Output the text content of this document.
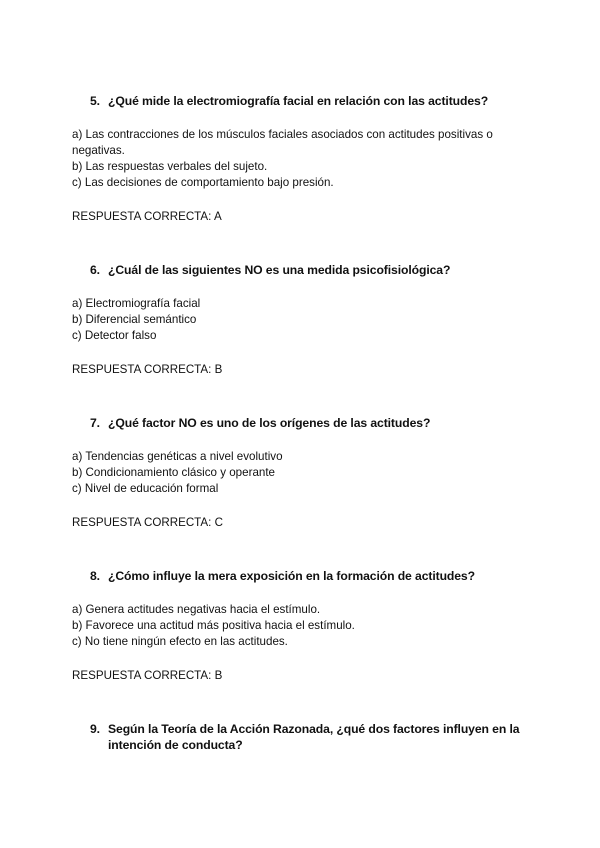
5. ¿Qué mide la electromiografía facial en relación con las actitudes?
a) Las contracciones de los músculos faciales asociados con actitudes positivas o negativas.
b) Las respuestas verbales del sujeto.
c) Las decisiones de comportamiento bajo presión.
RESPUESTA CORRECTA: A
6. ¿Cuál de las siguientes NO es una medida psicofisiológica?
a) Electromiografía facial
b) Diferencial semántico
c) Detector falso
RESPUESTA CORRECTA: B
7. ¿Qué factor NO es uno de los orígenes de las actitudes?
a) Tendencias genéticas a nivel evolutivo
b) Condicionamiento clásico y operante
c) Nivel de educación formal
RESPUESTA CORRECTA: C
8. ¿Cómo influye la mera exposición en la formación de actitudes?
a) Genera actitudes negativas hacia el estímulo.
b) Favorece una actitud más positiva hacia el estímulo.
c) No tiene ningún efecto en las actitudes.
RESPUESTA CORRECTA: B
9. Según la Teoría de la Acción Razonada, ¿qué dos factores influyen en la intención de conducta?
